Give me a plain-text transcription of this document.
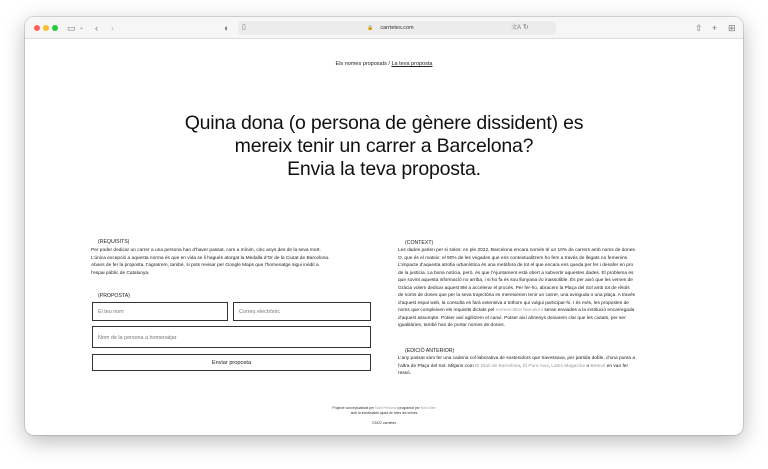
▭ ⌄ ‹ ›	◐ ▯	🔒	carrtetes.com	文A ↻	⇧ + ⊞
Els nomes proposats / La teva proposta
Quina dona (o persona de gènere dissident) es
mereix tenir un carrer a Barcelona?
Envia la teva proposta.
(REQUISITS)
Per poder dedicar un carrer a una persona han d’haver passat, com a mínim, cinc anys des de la seva mort.
L’única excepció a aquesta norma és que en vida se li hagués atorgat la Medalla d’Or de la Ciutat de Barcelona.
Abans de fer la proposta, t’agraïrem, també, si pots revisar per Google Maps que l’homenatge sigui inèdit a
l’espai públic de Catalunya.
(PROPOSTA)
El teu nom
Correu electrònic
Nom de la persona a homenatjar
Enviar proposta
(CONTEXT)
Les dades parlen per si soles: en ple 2022, Barcelona encara només té un 10% de carrers amb noms de dones.
O, que és el mateix: el 90% de les vegades que ens contextualitzem ho fem a través de llegats no femenins.
L’impacte d’aquesta atrofia urbanística és una metàfora de tot el que encara ens queda per fer i desafer en pro
de la justícia. La bona notícia, però, és que l’Ajuntament està obert a subvertir aquestes dades. El problema és
que sovint aquesta informació no arriba, i si ho fa és sou llunyana i/o inassolible. És per això que les veïnes de
Gràcia volem dedicar aquest 8M a accelerar el procés. Per fer-ho, abracem la Plaça del Sol amb tot de rètols
de noms de dones que per la seva trajectòria es mereixerien tenir un carrer, una avinguda o una plaça. A través
d’aquest espai web, la consulta es farà extensiva a tothom qui vulgui participar-hi. I és més, les propostes de
noms que compleixen els requisits dictats pel nomenclàtor barceloní seran enviades a la institució encarregada
d’aquest assumpte. Potser així agilitzem el canvi. Potser així almenys deixarem clar que les ciutats, per ser
igualitàries, també han de portar nomes de dones.
(EDICIÓ ANTERIOR)
L’any passat vam fer una cadena col·laborativa de sostenidors que travessava, per partida doble, d’una punta a
l’altra de Plaça del Sol. Mitjans com El Diari de Barcelona, El Punt Avui, Latex Magazine o Betevé en van fer
ressò.
Projecte conceptualitzat per Nom Persona i programat per Nom Altre
amb la inestimable ajuda de totes les veïnes
©2022 carrtetes
